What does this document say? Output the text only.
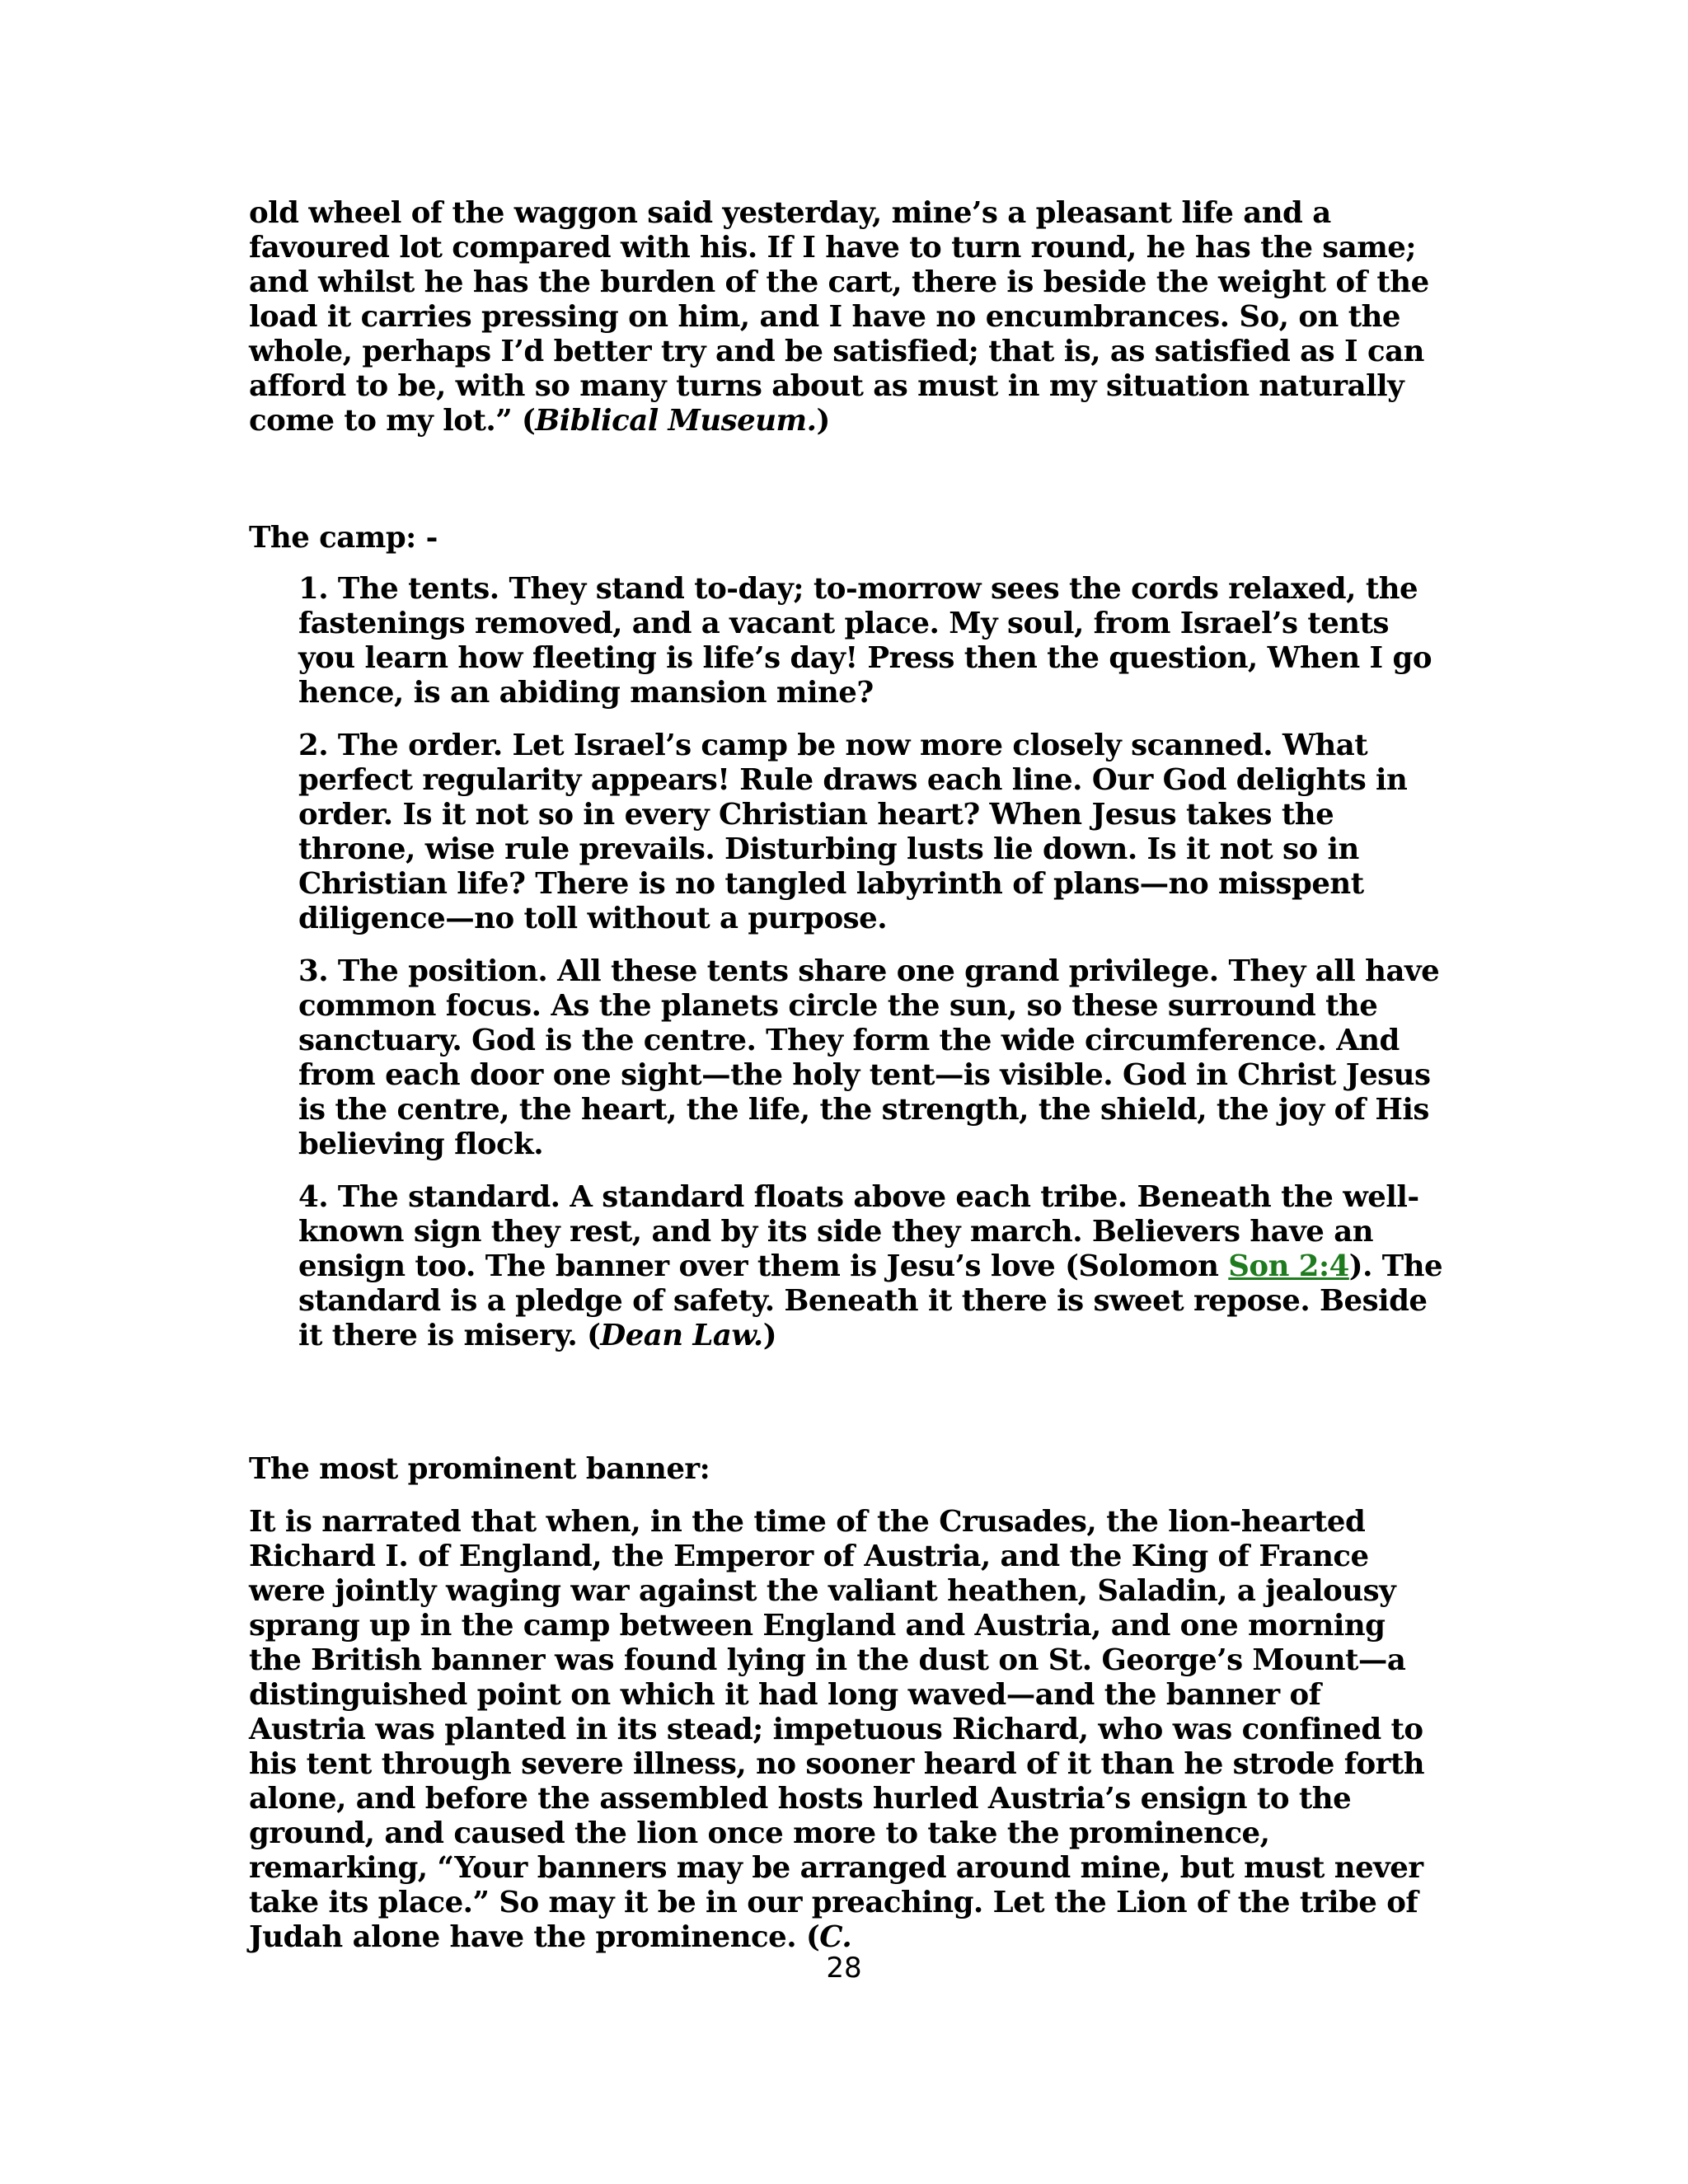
old wheel of the waggon said yesterday, mine’s a pleasant life and a favoured lot compared with his. If I have to turn round, he has the same; and whilst he has the burden of the cart, there is beside the weight of the load it carries pressing on him, and I have no encumbrances. So, on the whole, perhaps I’d better try and be satisfied; that is, as satisfied as I can afford to be, with so many turns about as must in my situation naturally come to my lot.” (Biblical Museum.)

The camp: -

1. The tents. They stand to-day; to-morrow sees the cords relaxed, the fastenings removed, and a vacant place. My soul, from Israel’s tents you learn how fleeting is life’s day! Press then the question, When I go hence, is an abiding mansion mine?

2. The order. Let Israel’s camp be now more closely scanned. What perfect regularity appears! Rule draws each line. Our God delights in order. Is it not so in every Christian heart? When Jesus takes the throne, wise rule prevails. Disturbing lusts lie down. Is it not so in Christian life? There is no tangled labyrinth of plans—no misspent diligence—no toll without a purpose.

3. The position. All these tents share one grand privilege. They all have common focus. As the planets circle the sun, so these surround the sanctuary. God is the centre. They form the wide circumference. And from each door one sight—the holy tent—is visible. God in Christ Jesus is the centre, the heart, the life, the strength, the shield, the joy of His believing flock.

4. The standard. A standard floats above each tribe. Beneath the well-known sign they rest, and by its side they march. Believers have an ensign too. The banner over them is Jesu’s love (Solomon Son 2:4). The standard is a pledge of safety. Beneath it there is sweet repose. Beside it there is misery. (Dean Law.)

The most prominent banner:

It is narrated that when, in the time of the Crusades, the lion-hearted Richard I. of England, the Emperor of Austria, and the King of France were jointly waging war against the valiant heathen, Saladin, a jealousy sprang up in the camp between England and Austria, and one morning the British banner was found lying in the dust on St. George’s Mount—a distinguished point on which it had long waved—and the banner of Austria was planted in its stead; impetuous Richard, who was confined to his tent through severe illness, no sooner heard of it than he strode forth alone, and before the assembled hosts hurled Austria’s ensign to the ground, and caused the lion once more to take the prominence, remarking, “Your banners may be arranged around mine, but must never take its place.” So may it be in our preaching. Let the Lion of the tribe of Judah alone have the prominence. (C.

28
